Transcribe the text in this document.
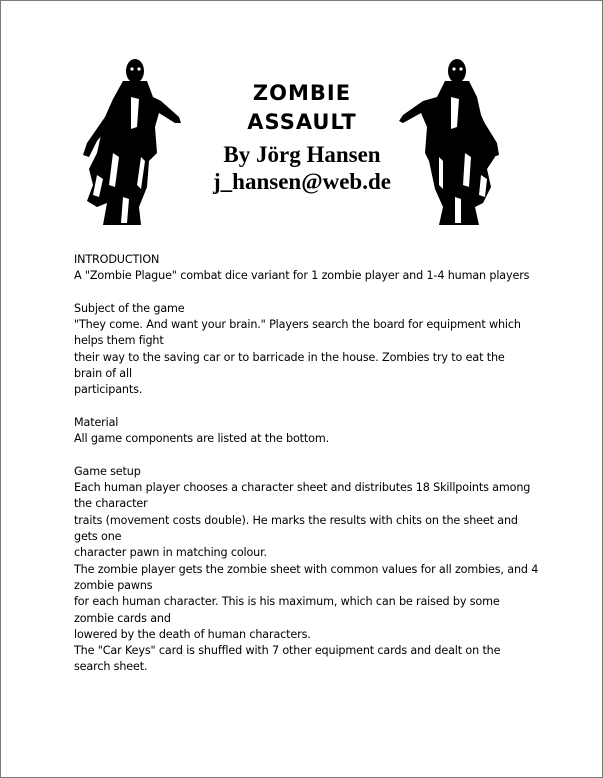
ZOMBIE
ASSAULT
By Jörg Hansen
j_hansen@web.de
INTRODUCTION
A "Zombie Plague" combat dice variant for 1 zombie player and 1-4 human players
Subject of the game
"They come. And want your brain." Players search the board for equipment which
helps them fight
their way to the saving car or to barricade in the house. Zombies try to eat the
brain of all
participants.
Material
All game components are listed at the bottom.
Game setup
Each human player chooses a character sheet and distributes 18 Skillpoints among
the character
traits (movement costs double). He marks the results with chits on the sheet and
gets one
character pawn in matching colour.
The zombie player gets the zombie sheet with common values for all zombies, and 4
zombie pawns
for each human character. This is his maximum, which can be raised by some
zombie cards and
lowered by the death of human characters.
The "Car Keys" card is shuffled with 7 other equipment cards and dealt on the
search sheet.
